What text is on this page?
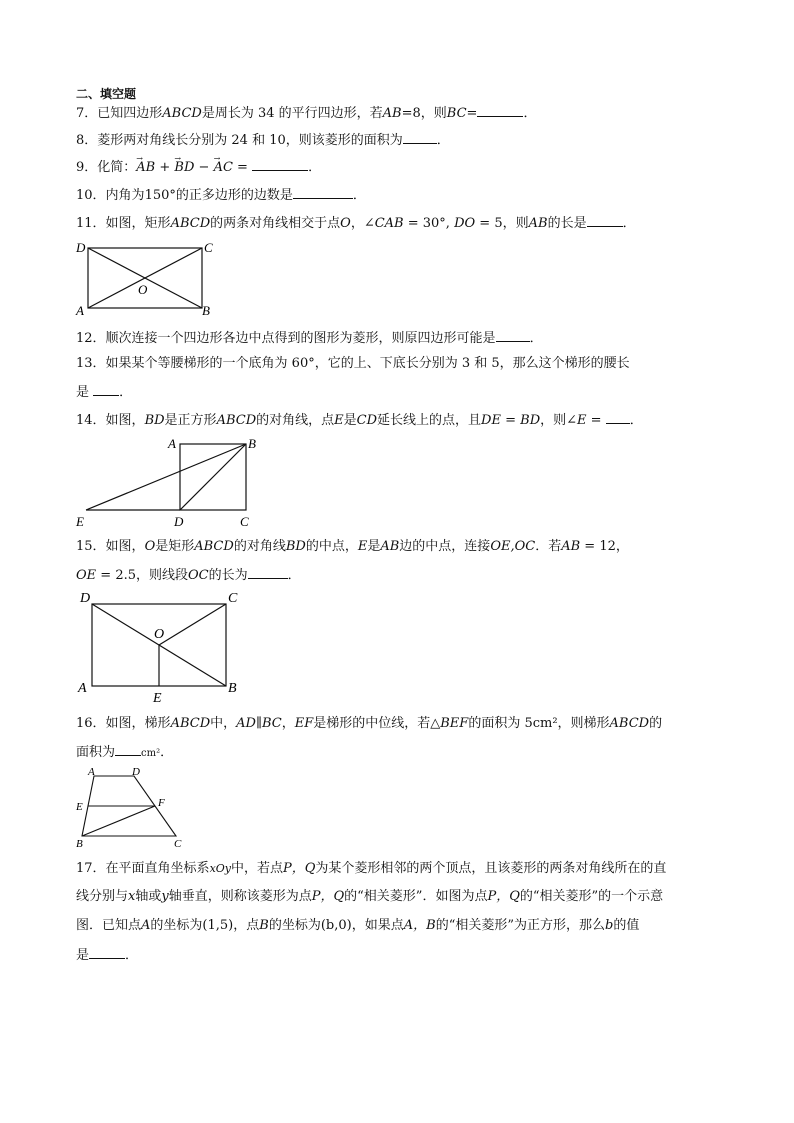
二、填空题
7．已知四边形ABCD是周长为 34 的平行四边形，若AB=8，则BC=	．
8．菱形两对角线长分别为 24 和 10，则该菱形的面积为	．
9．化简：→ AB + → BD − → AC =	．
10．内角为150°的正多边形的边数是	．
11．如图，矩形ABCD的两条对角线相交于点O，∠CAB = 30°, DO = 5，则AB的长是	．
D	C
A	B
O
12．顺次连接一个四边形各边中点得到的图形为菱形，则原四边形可能是	．
13．如果某个等腰梯形的一个底角为 60°，它的上、下底长分别为 3 和 5，那么这个梯形的腰长
是 ．
14．如图，BD是正方形ABCD的对角线，点E是CD延长线上的点，且DE = BD，则∠E = ．
A	B
E	D	C
15．如图，O是矩形ABCD的对角线BD的中点，E是AB边的中点，连接OE,OC．若AB = 12，
OE = 2.5，则线段OC的长为	．
D	C
O
A
E
B
16．如图，梯形ABCD中，AD∥BC，EF是梯形的中位线，若△BEF的面积为 5cm²，则梯形ABCD的
面积为	cm²．
A	D
E	F
B	C
17．在平面直角坐标系xOy中，若点P，Q为某个菱形相邻的两个顶点，且该菱形的两条对角线所在的直
线分别与x轴或y轴垂直，则称该菱形为点P，Q的“相关菱形”．如图为点P，Q的“相关菱形”的一个示意
图．已知点A的坐标为(1,5)，点B的坐标为(b,0)，如果点A，B的“相关菱形”为正方形，那么b的值
是	．
